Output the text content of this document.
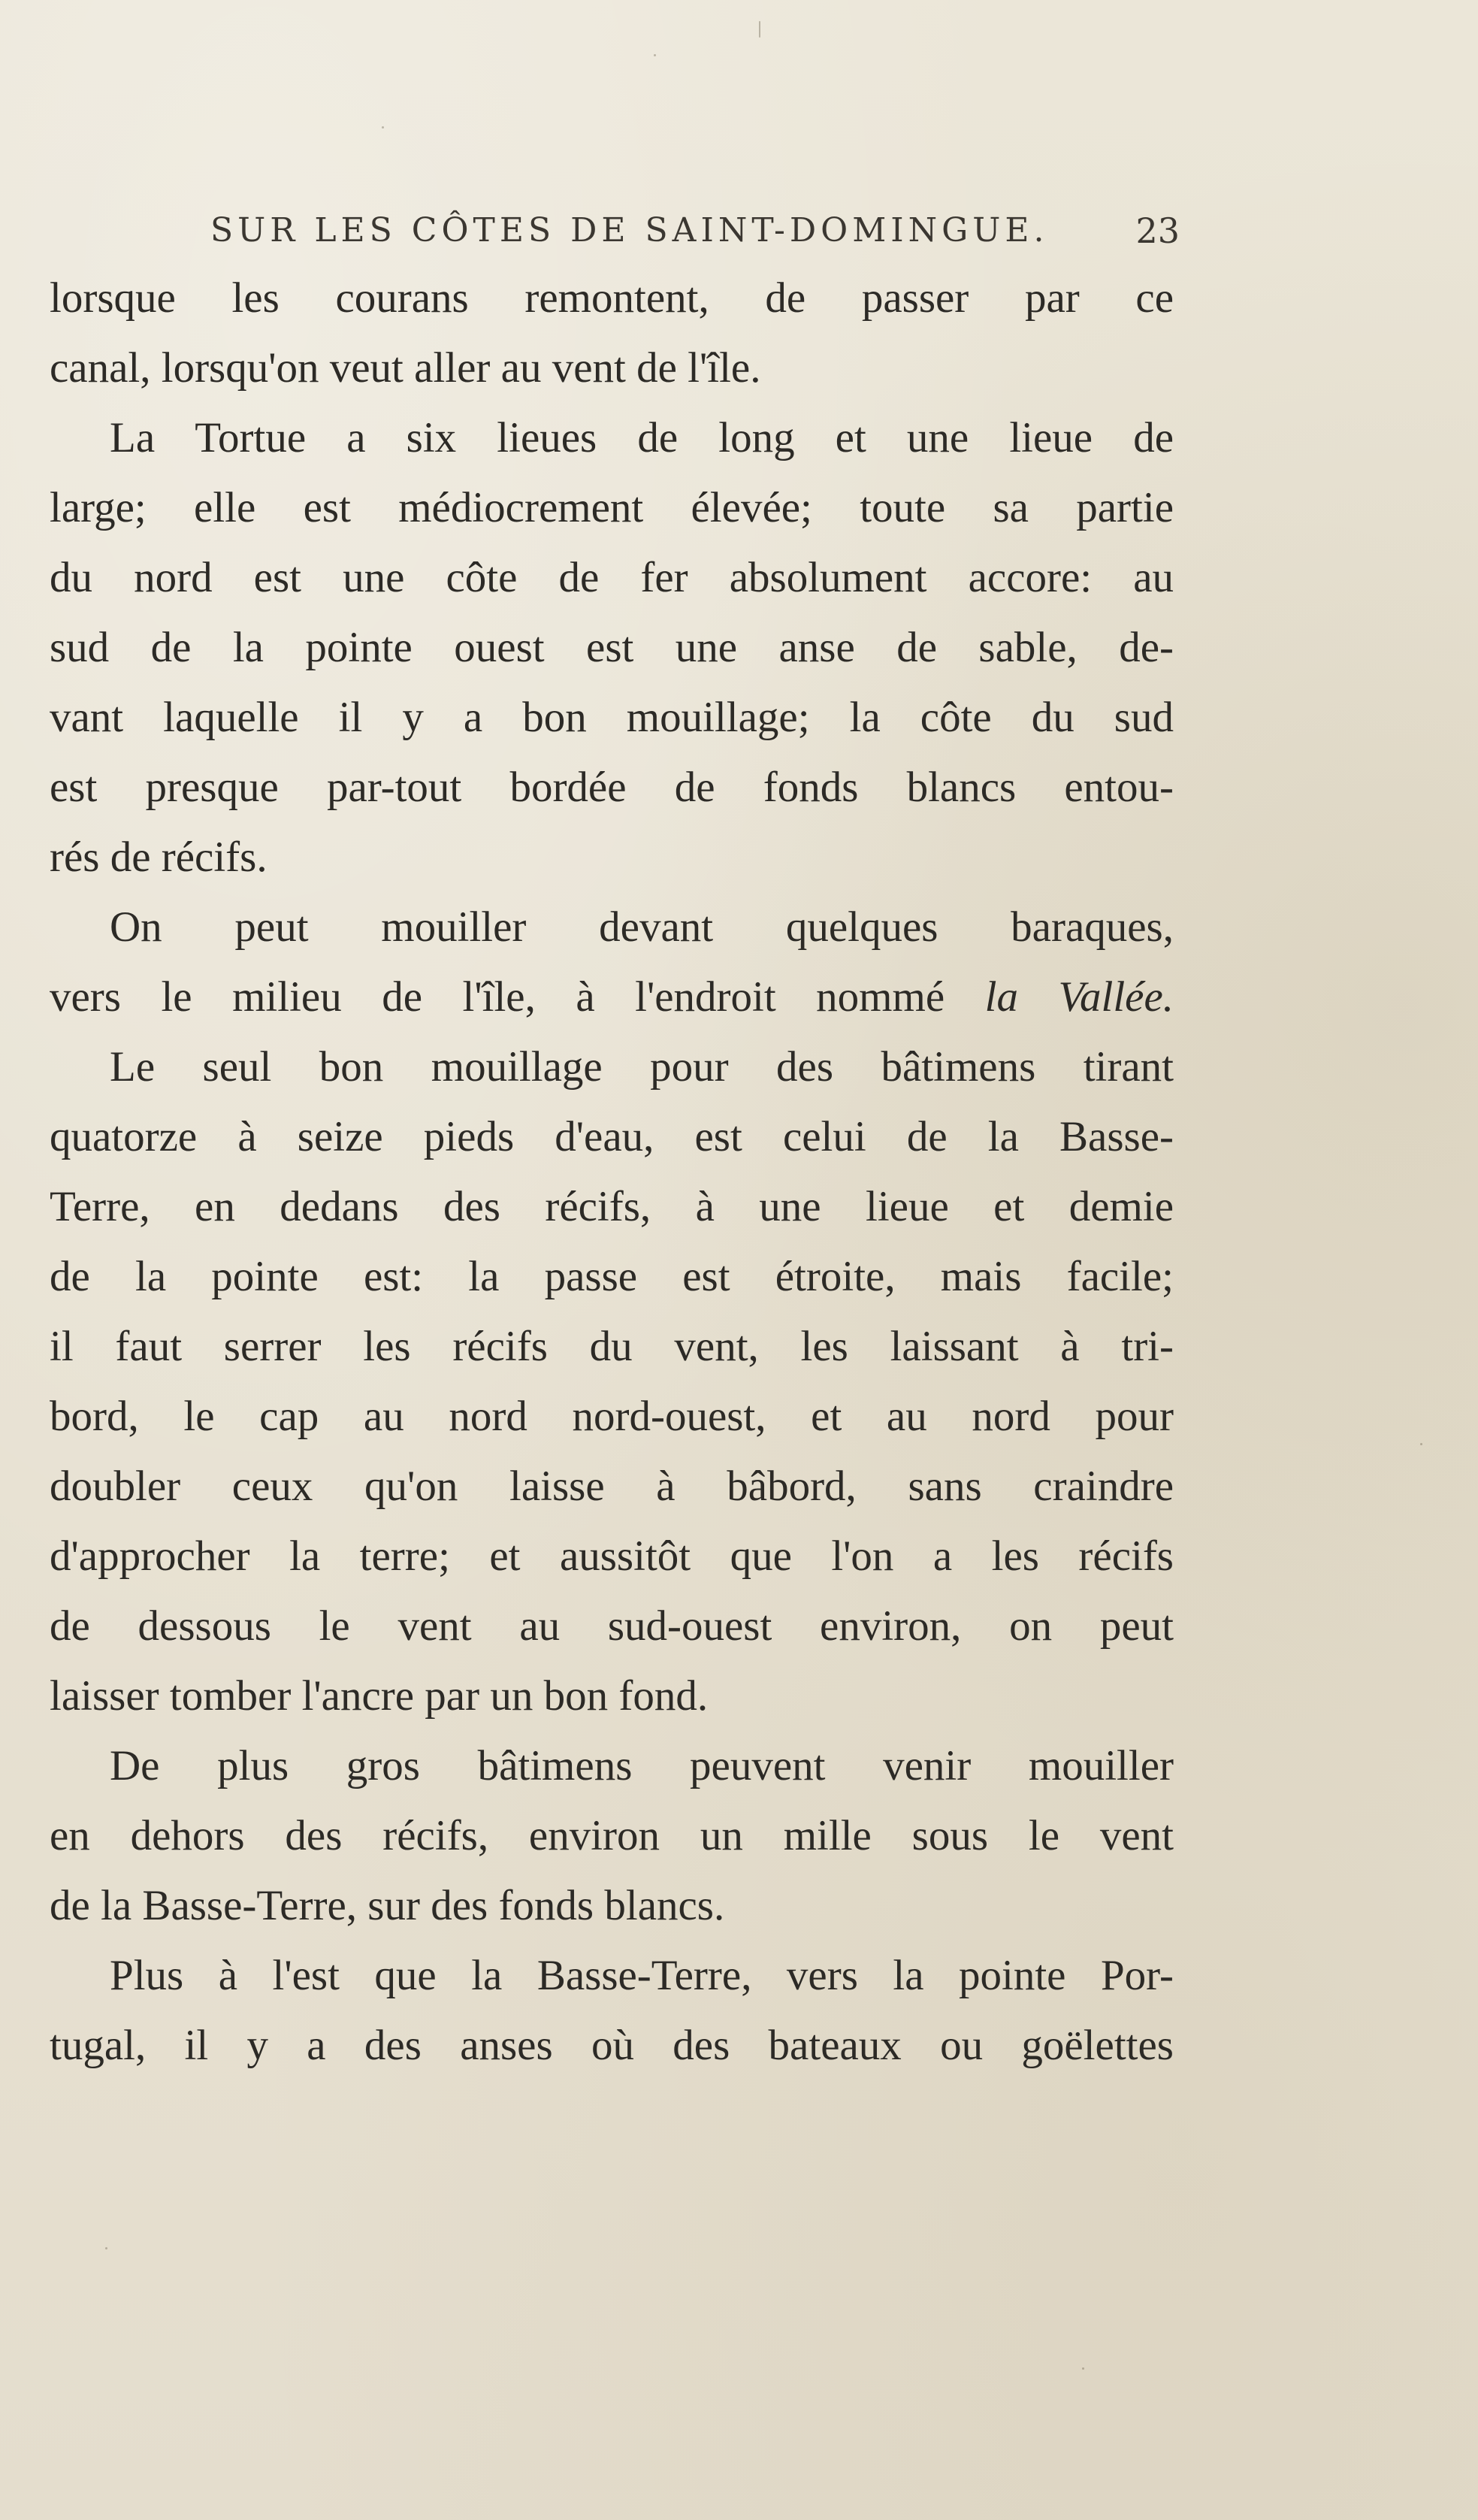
SUR LES CÔTES DE SAINT-DOMINGUE.	23

lorsque les courans remontent, de passer par ce
canal, lorsqu'on veut aller au vent de l'île.

La Tortue a six lieues de long et une lieue de
large; elle est médiocrement élevée; toute sa partie
du nord est une côte de fer absolument accore: au
sud de la pointe ouest est une anse de sable, de-
vant laquelle il y a bon mouillage; la côte du sud
est presque par-tout bordée de fonds blancs entou-
rés de récifs.

On peut mouiller devant quelques baraques,
vers le milieu de l'île, à l'endroit nommé la Vallée.

Le seul bon mouillage pour des bâtimens tirant
quatorze à seize pieds d'eau, est celui de la Basse-
Terre, en dedans des récifs, à une lieue et demie
de la pointe est: la passe est étroite, mais facile;
il faut serrer les récifs du vent, les laissant à tri-
bord, le cap au nord nord-ouest, et au nord pour
doubler ceux qu'on laisse à bâbord, sans craindre
d'approcher la terre; et aussitôt que l'on a les récifs
de dessous le vent au sud-ouest environ, on peut
laisser tomber l'ancre par un bon fond.

De plus gros bâtimens peuvent venir mouiller
en dehors des récifs, environ un mille sous le vent
de la Basse-Terre, sur des fonds blancs.

Plus à l'est que la Basse-Terre, vers la pointe Por-
tugal, il y a des anses où des bateaux ou goëlettes
